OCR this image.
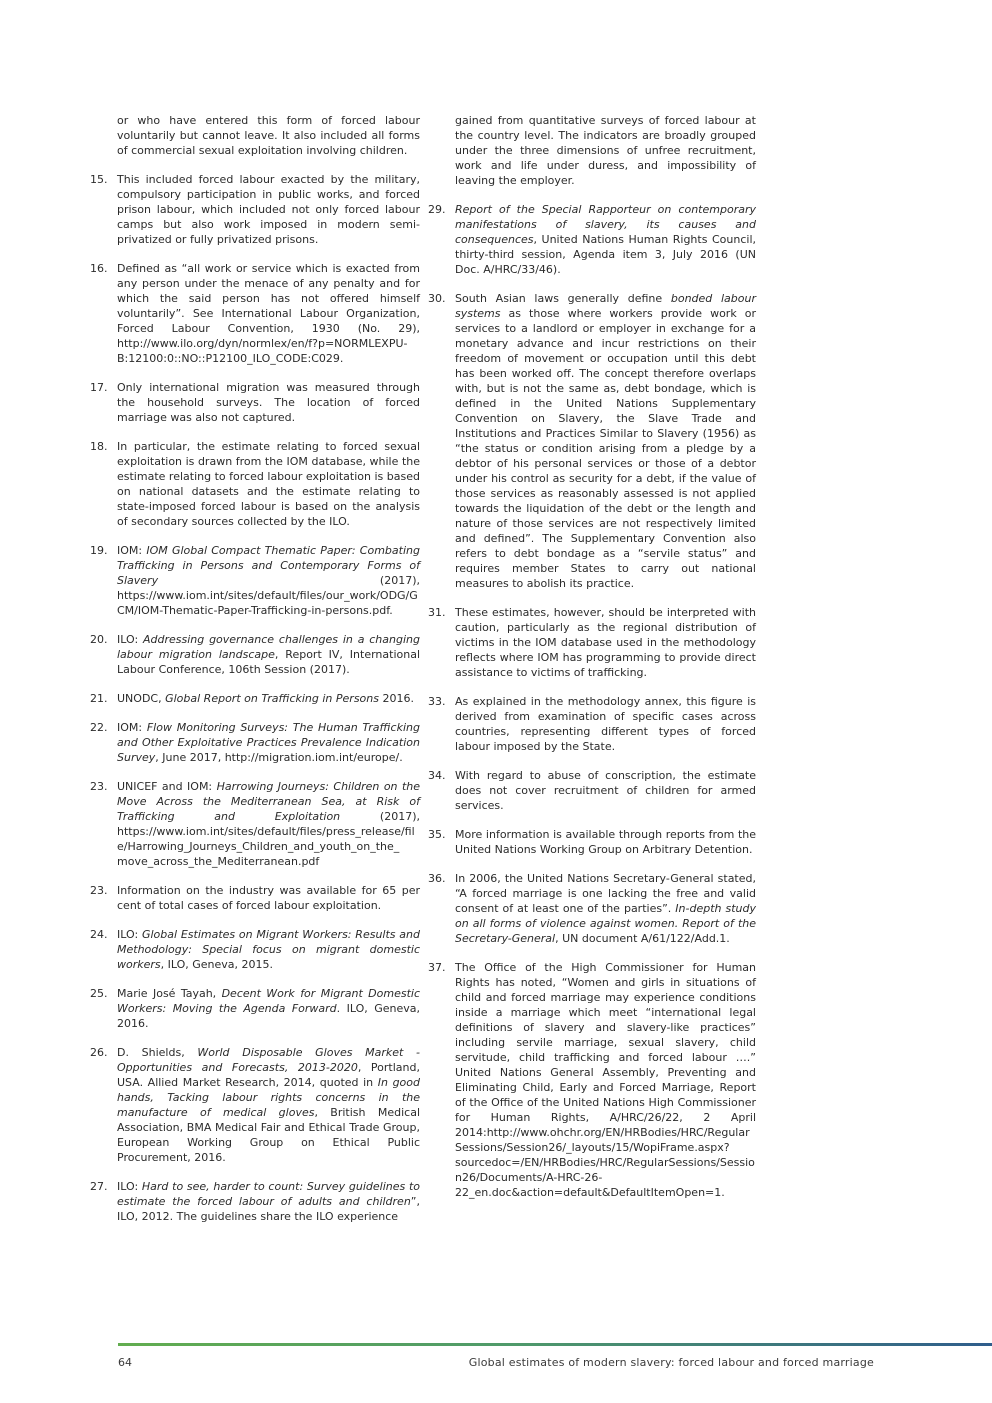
or who have entered this form of forced labour voluntarily but cannot leave. It also included all forms of commercial sexual exploitation involving children.
15. This included forced labour exacted by the military, compulsory participation in public works, and forced prison labour, which included not only forced labour camps but also work imposed in modern semi-privatized or fully privatized prisons.
16. Defined as “all work or service which is exacted from any person under the menace of any penalty and for which the said person has not offered himself voluntarily”. See International Labour Organization, Forced Labour Convention, 1930 (No. 29), http://www.ilo.org/dyn/normlex/en/f?p=NORMLEXPUB:12100:0::NO::P12100_ILO_CODE:C029.
17. Only international migration was measured through the household surveys. The location of forced marriage was also not captured.
18. In particular, the estimate relating to forced sexual exploitation is drawn from the IOM database, while the estimate relating to forced labour exploitation is based on national datasets and the estimate relating to state-imposed forced labour is based on the analysis of secondary sources collected by the ILO.
19. IOM: IOM Global Compact Thematic Paper: Combating Trafficking in Persons and Contemporary Forms of Slavery (2017), https://www.iom.int/sites/default/files/our_work/ODG/GCM/IOM-Thematic-Paper-Trafficking-in-persons.pdf.
20. ILO: Addressing governance challenges in a changing labour migration landscape, Report IV, International Labour Conference, 106th Session (2017).
21. UNODC, Global Report on Trafficking in Persons 2016.
22. IOM: Flow Monitoring Surveys: The Human Trafficking and Other Exploitative Practices Prevalence Indication Survey, June 2017, http://migration.iom.int/europe/.
23. UNICEF and IOM: Harrowing Journeys: Children on the Move Across the Mediterranean Sea, at Risk of Trafficking and Exploitation (2017), https://www.iom.int/sites/default/files/press_release/file/Harrowing_Journeys_Children_and_youth_on_the_ move_across_the_Mediterranean.pdf
23. Information on the industry was available for 65 per cent of total cases of forced labour exploitation.
24. ILO: Global Estimates on Migrant Workers: Results and Methodology: Special focus on migrant domestic workers, ILO, Geneva, 2015.
25. Marie José Tayah, Decent Work for Migrant Domestic Workers: Moving the Agenda Forward. ILO, Geneva, 2016.
26. D. Shields, World Disposable Gloves Market - Opportunities and Forecasts, 2013-2020, Portland, USA. Allied Market Research, 2014, quoted in In good hands, Tacking labour rights concerns in the manufacture of medical gloves, British Medical Association, BMA Medical Fair and Ethical Trade Group, European Working Group on Ethical Public Procurement, 2016.
27. ILO: Hard to see, harder to count: Survey guidelines to estimate the forced labour of adults and children”, ILO, 2012. The guidelines share the ILO experience
gained from quantitative surveys of forced labour at the country level. The indicators are broadly grouped under the three dimensions of unfree recruitment, work and life under duress, and impossibility of leaving the employer.
29. Report of the Special Rapporteur on contemporary manifestations of slavery, its causes and consequences, United Nations Human Rights Council, thirty-third session, Agenda item 3, July 2016 (UN Doc. A/HRC/33/46).
30. South Asian laws generally define bonded labour systems as those where workers provide work or services to a landlord or employer in exchange for a monetary advance and incur restrictions on their freedom of movement or occupation until this debt has been worked off. The concept therefore overlaps with, but is not the same as, debt bondage, which is defined in the United Nations Supplementary Convention on Slavery, the Slave Trade and Institutions and Practices Similar to Slavery (1956) as “the status or condition arising from a pledge by a debtor of his personal services or those of a debtor under his control as security for a debt, if the value of those services as reasonably assessed is not applied towards the liquidation of the debt or the length and nature of those services are not respectively limited and defined”. The Supplementary Convention also refers to debt bondage as a “servile status” and requires member States to carry out national measures to abolish its practice.
31. These estimates, however, should be interpreted with caution, particularly as the regional distribution of victims in the IOM database used in the methodology reflects where IOM has programming to provide direct assistance to victims of trafficking.
33. As explained in the methodology annex, this figure is derived from examination of specific cases across countries, representing different types of forced labour imposed by the State.
34. With regard to abuse of conscription, the estimate does not cover recruitment of children for armed services.
35. More information is available through reports from the United Nations Working Group on Arbitrary Detention.
36. In 2006, the United Nations Secretary-General stated, “A forced marriage is one lacking the free and valid consent of at least one of the parties”. In-depth study on all forms of violence against women. Report of the Secretary-General, UN document A/61/122/Add.1.
37. The Office of the High Commissioner for Human Rights has noted, “Women and girls in situations of child and forced marriage may experience conditions inside a marriage which meet “international legal definitions of slavery and slavery-like practices” including servile marriage, sexual slavery, child servitude, child trafficking and forced labour ….” United Nations General Assembly, Preventing and Eliminating Child, Early and Forced Marriage, Report of the Office of the United Nations High Commissioner for Human Rights, A/HRC/26/22, 2 April 2014:http://www.ohchr.org/EN/HRBodies/HRC/RegularSessions/Session26/_layouts/15/WopiFrame.aspx?sourcedoc=/EN/HRBodies/HRC/RegularSessions/Session26/Documents/A-HRC-26-22_en.doc&action=default&DefaultItemOpen=1.
64	Global estimates of modern slavery: forced labour and forced marriage
